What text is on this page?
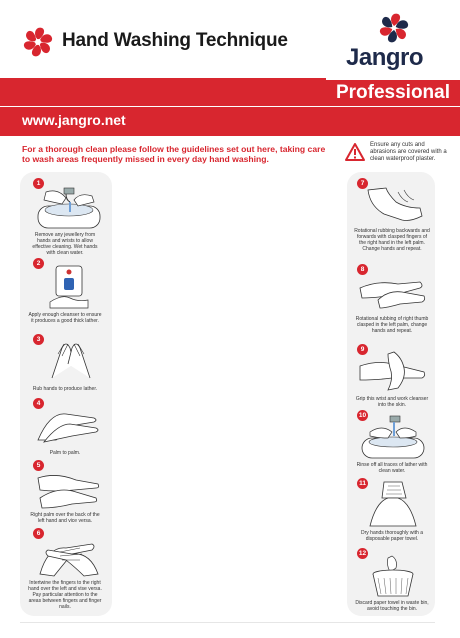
Hand Washing Technique
Jangro
Professional
www.jangro.net
For a thorough clean please follow the guidelines set out here, taking care to wash areas frequently missed in every day hand washing.
Ensure any cuts and abrasions are covered with a clean waterproof plaster.
1
Remove any jewellery from hands and wrists to allow effective cleaning. Wet hands with clean water.
2
Apply enough cleanser to ensure it produces a good thick lather.
3
Rub hands to produce lather.
4
Palm to palm.
5
Right palm over the back of the left hand and vice versa.
6
Intertwine the fingers to the right hand over the left and vise versa. Pay particular attention to the areas between fingers and finger nails.
7
Rotational rubbing backwards and forwards with clasped fingers of the right hand in the left palm. Change hands and repeat.
8
Rotational rubbing of right thumb clasped in the left palm, change hands and repeat.
9
Grip this wrist and work cleanser into the skin.
10
Rinse off all traces of lather with clean water.
11
Dry hands thoroughly with a disposable paper towel.
12
Discard paper towel in waste bin, avoid touching the bin.
